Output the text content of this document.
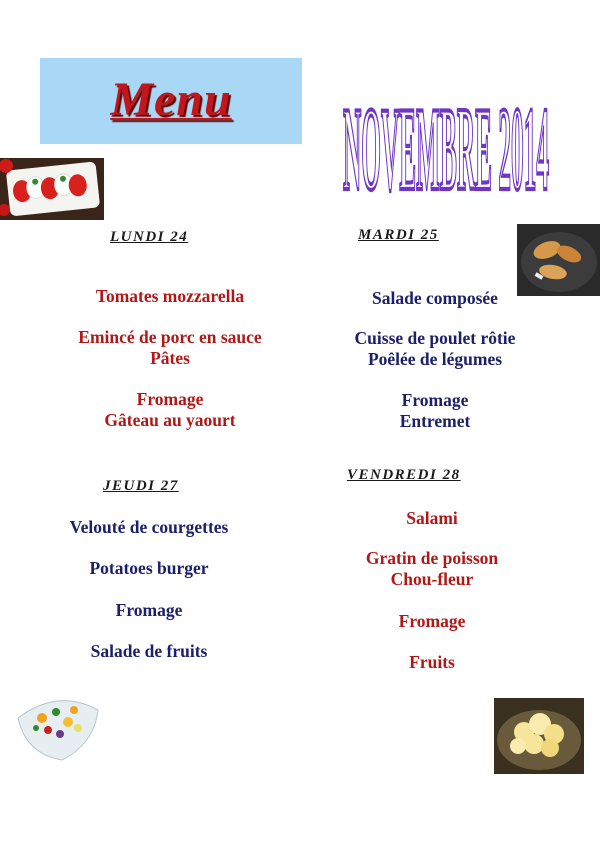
Menu	NOVEMBRE 2014
LUNDI 24
Tomates mozzarella
Emincé de porc en sauce
Pâtes
Fromage
Gâteau au yaourt
MARDI 25
Salade composée
Cuisse de poulet rôtie
Poêlée de légumes
Fromage
Entremet
JEUDI 27
Velouté de courgettes
Potatoes burger
Fromage
Salade de fruits
VENDREDI 28
Salami
Gratin de poisson
Chou-fleur
Fromage
Fruits
